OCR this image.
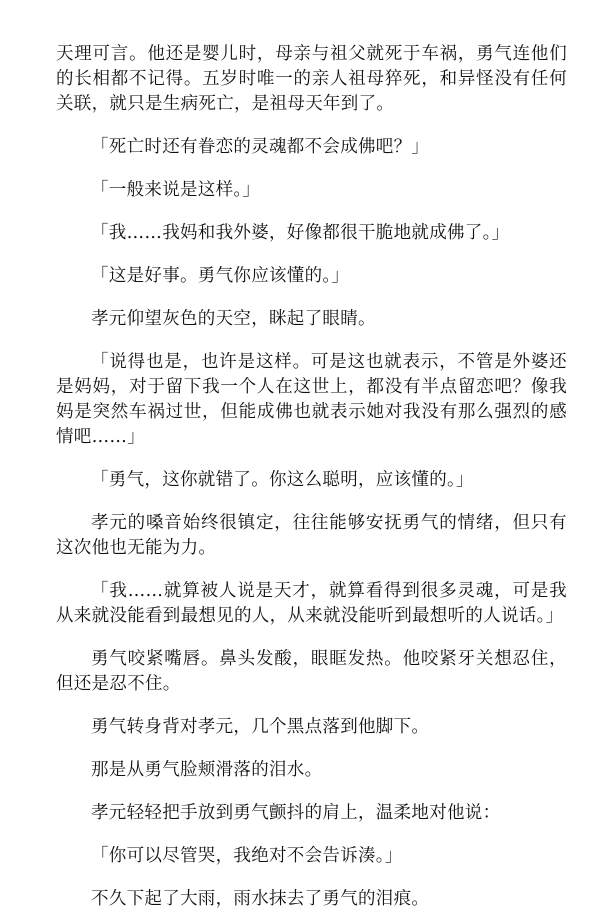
天理可言。他还是婴儿时，母亲与祖父就死于车祸，勇气连他们的长相都不记得。五岁时唯一的亲人祖母猝死，和异怪没有任何关联，就只是生病死亡，是祖母天年到了。

「死亡时还有眷恋的灵魂都不会成佛吧？」

「一般来说是这样。」

「我……我妈和我外婆，好像都很干脆地就成佛了。」

「这是好事。勇气你应该懂的。」

孝元仰望灰色的天空，眯起了眼睛。

「说得也是，也许是这样。可是这也就表示，不管是外婆还是妈妈，对于留下我一个人在这世上，都没有半点留恋吧？像我妈是突然车祸过世，但能成佛也就表示她对我没有那么强烈的感情吧……」

「勇气，这你就错了。你这么聪明，应该懂的。」

孝元的嗓音始终很镇定，往往能够安抚勇气的情绪，但只有这次他也无能为力。

「我……就算被人说是天才，就算看得到很多灵魂，可是我从来就没能看到最想见的人，从来就没能听到最想听的人说话。」

勇气咬紧嘴唇。鼻头发酸，眼眶发热。他咬紧牙关想忍住，但还是忍不住。

勇气转身背对孝元，几个黑点落到他脚下。

那是从勇气脸颊滑落的泪水。

孝元轻轻把手放到勇气颤抖的肩上，温柔地对他说：

「你可以尽管哭，我绝对不会告诉湊。」

不久下起了大雨，雨水抹去了勇气的泪痕。
